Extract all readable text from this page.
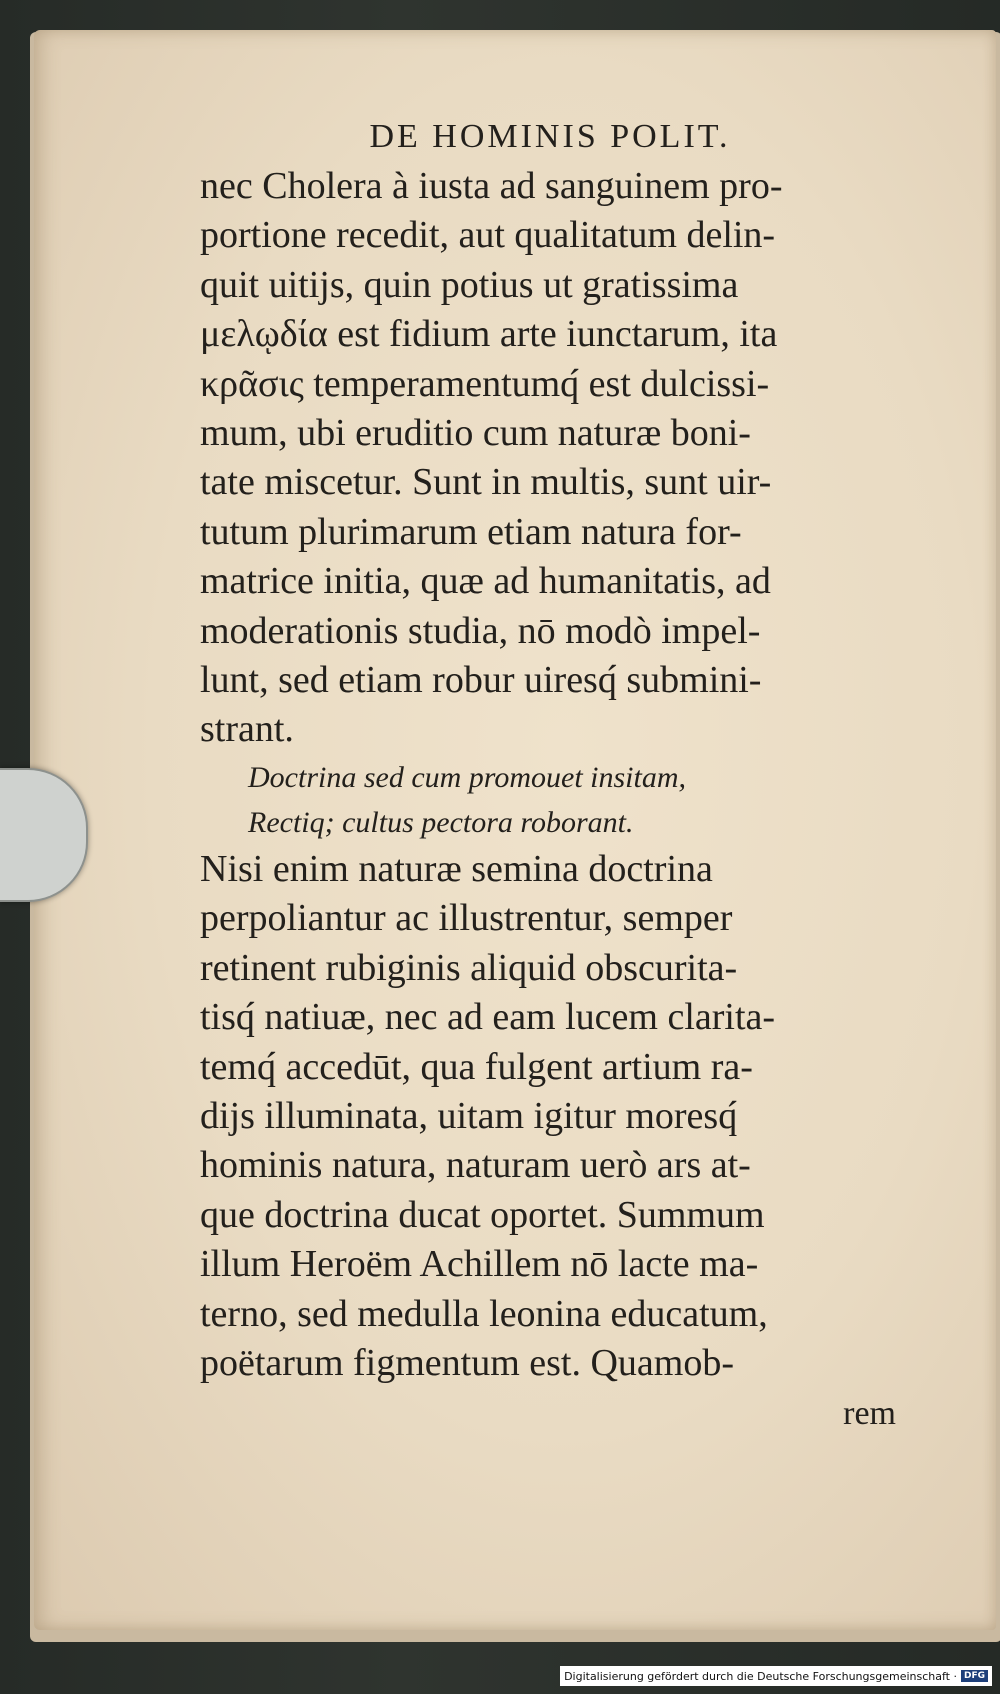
DE HOMINIS POLIT.
nec Cholera à iusta ad sanguinem pro-
portione recedit, aut qualitatum delin-
quit uitijs, quin potius ut gratissima
μελῳδία est fidium arte iunctarum, ita
κρᾶσις temperamentumq́ est dulcissi-
mum, ubi eruditio cum naturæ boni-
tate miscetur. Sunt in multis, sunt uir-
tutum plurimarum etiam natura for-
matrice initia, quæ ad humanitatis, ad
moderationis studia, nō modò impel-
lunt, sed etiam robur uiresq́ submini-
strant.
Doctrina sed cum promouet insitam,
Rectiq; cultus pectora roborant.
Nisi enim naturæ semina doctrina
perpoliantur ac illustrentur, semper
retinent rubiginis aliquid obscurita-
tisq́ natiuæ, nec ad eam lucem clarita-
temq́ accedūt, qua fulgent artium ra-
dijs illuminata, uitam igitur moresq́
hominis natura, naturam uerò ars at-
que doctrina ducat oportet. Summum
illum Heroëm Achillem nō lacte ma-
terno, sed medulla leonina educatum,
poëtarum figmentum est. Quamob-
rem
Digitalisierung gefördert durch die Deutsche Forschungsgemeinschaft · DFG
